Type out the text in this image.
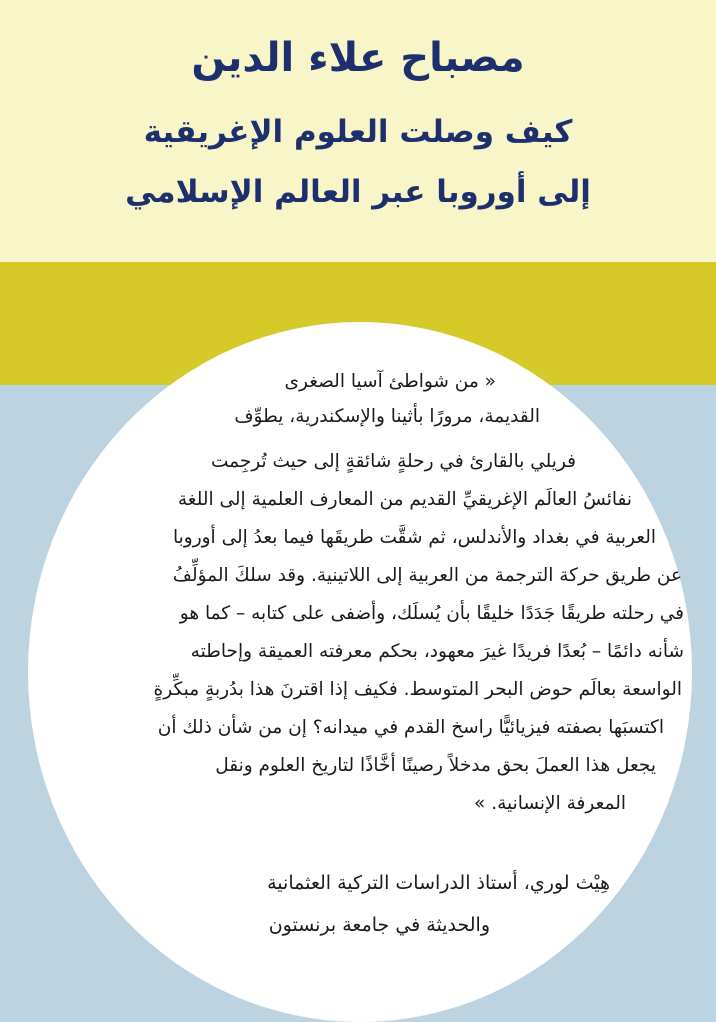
مصباح علاء الدين
كيف وصلت العلوم الإغريقية
إلى أوروبا عبر العالم الإسلامي

« من شواطئ آسيا الصغرى

القديمة، مرورًا بأثينا والإسكندرية، يطوِّف

فريلي بالقارئ في رحلةٍ شائقةٍ إلى حيث تُرجِمت

نفائسُ العالَم الإغريقيِّ القديم من المعارف العلمية إلى اللغة

العربية في بغداد والأندلس، ثم شقَّت طريقَها فيما بعدُ إلى أوروبا

عن طريق حركة الترجمة من العربية إلى اللاتينية. وقد سلكَ المؤلِّفُ

في رحلته طريقًا جَدَدًا خليقًا بأن يُسلَك، وأضفى على كتابه – كما هو

شأنه دائمًا – بُعدًا فريدًا غيرَ معهود، بحكم معرفته العميقة وإحاطته

الواسعة بعالَم حوض البحر المتوسط. فكيف إذا اقترنَ هذا بدُربةٍ مبكِّرةٍ

اكتسبَها بصفته فيزيائيًّا راسخ القدم في ميدانه؟ إن من شأن ذلك أن

يجعل هذا العملَ بحق مدخلاً رصينًا أخَّاذًا لتاريخ العلوم ونقل

المعرفة الإنسانية. »

هِيْث لوري، أستاذ الدراسات التركية العثمانية

والحديثة في جامعة برنستون
